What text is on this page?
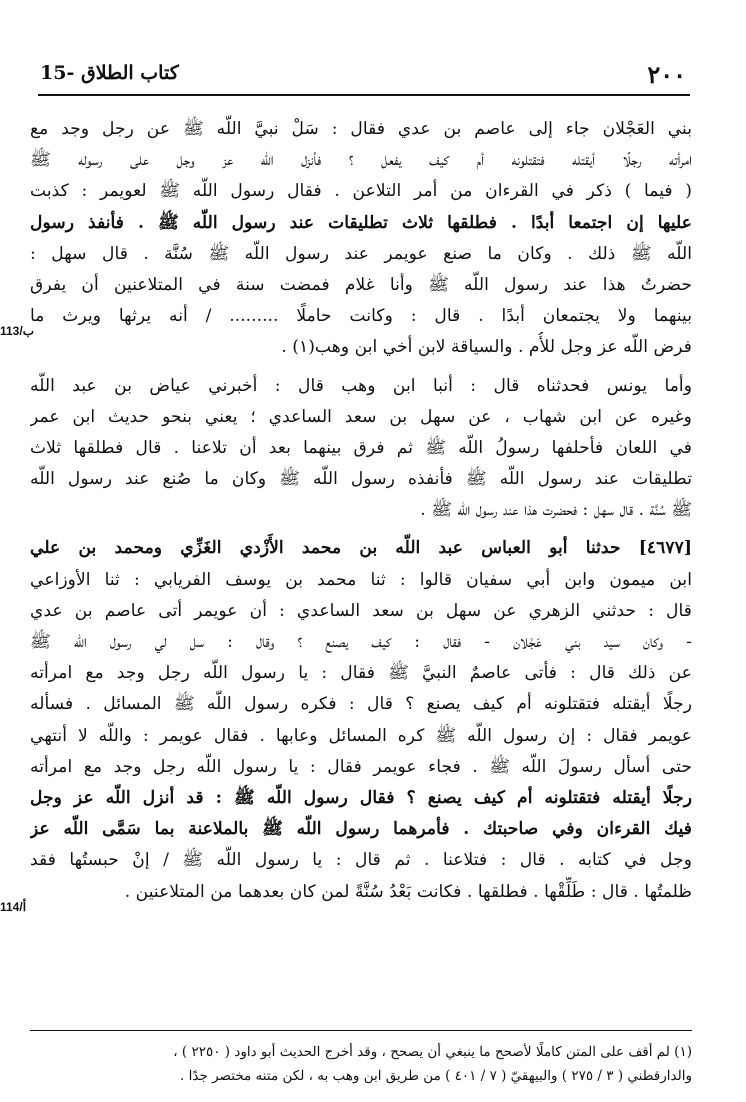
٢٠٠
15- كتاب الطلاق
113/ب
بني العَجْلان جاء إلى عاصم بن عدي فقال : سَلْ نبيَّ اللّه ﷺ عن رجل وجد مع
امرأته رجلًا أيقتله فتقتلونه أم كيف يفعل ؟ فأنزل اللّه عز وجل على رسوله ﷺ
( فيما ) ذكر في القرءان من أمر التلاعن . فقال رسول اللّه ﷺ لعويمر : كذبت
عليها إن اجتمعا أبدًا . فطلقها ثلاث تطليقات عند رسول اللّه ﷺ . فأنفذ رسول
اللّه ﷺ ذلك . وكان ما صنع عويمر عند رسول اللّه ﷺ سُنَّة . قال سهل :
حضرتُ هذا عند رسول اللّه ﷺ وأنا غلام فمضت سنة في المتلاعنين أن يفرق
بينهما ولا يجتمعان أبدًا . قال : وكانت حاملًا ......... / أنه يرثها ويرث ما
فرض اللّه عز وجل للأُم . والسياقة لابن أخي ابن وهب(١) .
وأما يونس فحدثناه قال : أنبا ابن وهب قال : أخبرني عياض بن عبد اللّه
وغيره عن ابن شهاب ، عن سهل بن سعد الساعدي ؛ يعني بنحو حديث ابن عمر
في اللعان فأحلفها رسولُ اللّه ﷺ ثم فرق بينهما بعد أن تلاعنا . قال فطلقها ثلاث
تطليقات عند رسول اللّه ﷺ فأنفذه رسول اللّه ﷺ وكان ما صُنع عند رسول اللّه
ﷺ سُنَّة . قال سهل : فحضرت هذا عند رسول اللّه ﷺ .
[٤٦٧٧] حدثنا أبو العباس عبد اللّه بن محمد الأَزْدي الغَزِّي ومحمد بن علي
ابن ميمون وابن أبي سفيان قالوا : ثنا محمد بن يوسف الفريابي : ثنا الأوزاعي
قال : حدثني الزهري عن سهل بن سعد الساعدي : أن عويمر أتى عاصم بن عدي
- وكان سيد بني عَجْلان - فقال : كيف يصنع ؟ وقال : سل لي رسول اللّه ﷺ
عن ذلك قال : فأتى عاصمٌ النبيَّ ﷺ فقال : يا رسول اللّه رجل وجد مع امرأته
رجلًا أيقتله فتقتلونه أم كيف يصنع ؟ قال : فكره رسول اللّه ﷺ المسائل . فسأله
عويمر فقال : إن رسول اللّه ﷺ كره المسائل وعابها . فقال عويمر : واللّه لا أنتهي
حتى أسأل رسولَ اللّه ﷺ . فجاء عويمر فقال : يا رسول اللّه رجل وجد مع امرأته
رجلًا أيقتله فتقتلونه أم كيف يصنع ؟ فقال رسول اللّه ﷺ : قد أنزل اللّه عز وجل
فيك القرءان وفي صاحبتك . فأمرهما رسول اللّه ﷺ بالملاعنة بما سَمَّى اللّه عز
وجل في كتابه . قال : فتلاعنا . ثم قال : يا رسول اللّه ﷺ / إنْ حبستُها فقد
ظلمتُها . قال : طَلِّقْها . فطلقها . فكانت بَعْدُ سُنَّةً لمن كان بعدهما من المتلاعنين .
114/أ
(١) لم أقف على المتن كاملًا لأصحح ما ينبغي أن يصحح ، وقد أخرج الحديث أبو داود ( ٢٢٥٠ ) ،
والدارقطني ( ٣ / ٢٧٥ ) والبيهقيّ ( ٧ / ٤٠١ ) من طريق ابن وهب به ، لكن متنه مختصر جدًا .
